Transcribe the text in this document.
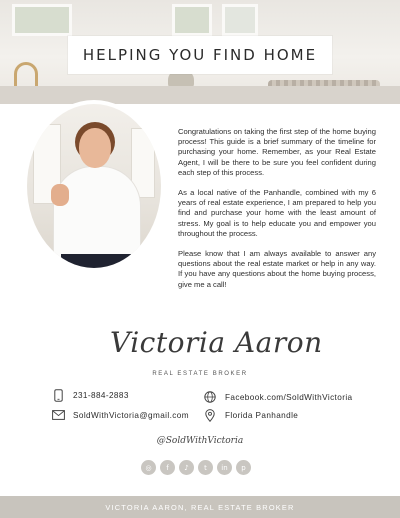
HELPING YOU FIND HOME

Congratulations on taking the first step of the home buying process! This guide is a brief summary of the timeline for purchasing your home. Remember, as your Real Estate Agent, I will be there to be sure you feel confident during each step of this process.

As a local native of the Panhandle, combined with my 6 years of real estate experience, I am prepared to help you find and purchase your home with the least amount of stress. My goal is to help educate you and empower you throughout the process.

Please know that I am always available to answer any questions about the real estate market or help in any way. If you have any questions about the home buying process, give me a call!

Victoria Aaron
REAL ESTATE BROKER
231-884-2883	Facebook.com/SoldWithVictoria
SoldWithVictoria@gmail.com	Florida Panhandle
@SoldWithVictoria
◎	f	♪	t	in	p
VICTORIA AARON, REAL ESTATE BROKER
